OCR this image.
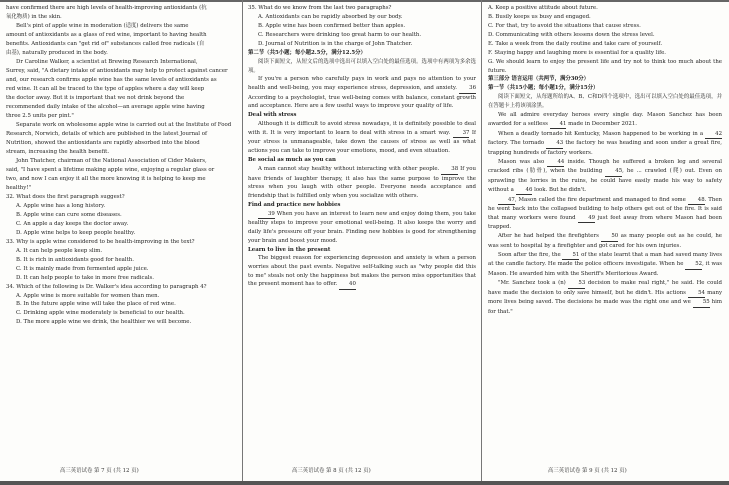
have confirmed there are high levels of health-improving antioxidants (抗

氧化物质) in the skin.

Bell's pint of apple wine in moderation (适度) delivers the same

amount of antioxidants as a glass of red wine, important to having health

benefits. Antioxidants can "get rid of" substances called free radicals (自

由基), naturally produced in the body.

Dr Caroline Walker, a scientist at Brewing Research International,

Surrey, said, "A dietary intake of antioxidants may help to protect against cancer

and, our research confirms apple wine has the same levels of antioxidants as

red wine. It can all be traced to the type of apples where a day will keep

the doctor away. But it is important that we not drink beyond the

recommended daily intake of the alcohol—an average apple wine having

three 2.5 units per pint."

Separate work on wholesome apple wine is carried out at the Institute of Food

Research, Norwich, details of which are published in the latest Journal of

Nutrition, showed the antioxidants are rapidly absorbed into the blood

stream, increasing the health benefit.

John Thatcher, chairman of the National Association of Cider Makers,

said, "I have spent a lifetime making apple wine, enjoying a regular glass or

two, and now I can enjoy it all the more knowing it is helping to keep me

healthy!"

32. What does the first paragraph suggest?

A. Apple wine has a long history.

B. Apple wine can cure some diseases.

C. An apple a day keeps the doctor away.

D. Apple wine helps to keep people healthy.

33. Why is apple wine considered to be health-improving in the text?

A. It can help people keep slim.

B. It is rich in antioxidants good for health.

C. It is mainly made from fermented apple juice.

D. It can help people to take in more free radicals.

34. Which of the following is Dr. Walker's idea according to paragraph 4?

A. Apple wine is more suitable for women than men.

B. In the future apple wine will take the place of red wine.

C. Drinking apple wine moderately is beneficial to our health.

D. The more apple wine we drink, the healthier we will become.

35. What do we know from the last two paragraphs?

A. Antioxidants can be rapidly absorbed by our body.

B. Apple wine has been confirmed better than apples.

C. Researchers were drinking too great harm to our health.

D. Journal of Nutrition is in the charge of John Thatcher.

第二节（共5小题；每小题2.5分，满分12.5分）

阅读下面短文，从短文后的选项中选出可以填入空白处的最佳选项。选项中有两项为多余选项。

If you're a person who carefully pays in work and pays no attention to your health and well-being, you may experience stress, depression, and anxiety. 36 According to a psychologist, true well-being comes with balance, constant growth and acceptance. Here are a few useful ways to improve your quality of life.

Deal with stress

Although it is difficult to avoid stress nowadays, it is definitely possible to deal with it. It is very important to learn to deal with stress in a smart way. 37 If your stress is unmanageable, take down the causes of stress as well as what actions you can take to improve your emotions, mood, and even situation.

Be social as much as you can

A man cannot stay healthy without interacting with other people. 38 If you have friends of laughter therapy, it also has the same purpose to improve the stress when you laugh with other people. Everyone needs acceptance and friendship that is fulfilled only when you socialize with others.

Find and practice new hobbies

39 When you have an interest to learn new and enjoy doing them, you take healthy steps to improve your emotional well-being. It also keeps the worry and daily life's pressure off your brain. Finding new hobbies is good for strengthening your brain and boost your mood.

Learn to live in the present

The biggest reason for experiencing depression and anxiety is when a person worries about the past events. Negative self-talking such as "why people did this to me" steals not only the happiness but makes the person miss opportunities that the present moment has to offer. 40

A. Keep a positive attitude about future.

B. Busily keeps us busy and engaged.

C. For that, try to avoid the situations that cause stress.

D. Communicating with others lessens down the stress level.

E. Take a week from the daily routine and take care of yourself.

F. Staying happy and laughing more is essential for a quality life.

G. We should learn to enjoy the present life and try not to think too much about the future.

第三部分 语言运用（共两节，满分30分）

第一节（共15小题；每小题1分，满分15分）

阅读下面短文，从每题所给的A、B、C和D四个选项中，选出可以填入空白处的最佳选项，并在答题卡上将该项涂黑。

We all admire everyday heroes every single day. Mason Sanchez has been awarded for a selfless 41 made in December 2021.

When a deadly tornado hit Kentucky, Mason happened to be working in a 42 factory. The tornado 43 the factory he was heading and soon under a great fire, trapping hundreds of factory workers.

Mason was also 44 inside. Though he suffered a broken leg and several cracked ribs (肋骨), when the building 45, he ... crawled (爬) out. Even on sprawling the lorries in the ruins, he could have easily made his way to safety without a 46 look. But he didn't.

47, Mason called the fire department and managed to find some 48. Then he went back into the collapsed building to help others get out of the fire. It is said that many workers were found 49 just feet away from where Mason had been trapped.

After he had helped the firefighters 50 as many people out as he could, he was sent to hospital by a firefighter and got cared for his own injuries.

Soon after the fire, the 51 of the state learnt that a man had saved many lives at the candle factory. He made the police officers investigate. When he 52, it was Mason. He awarded him with the Sheriff's Meritorious Award.

"Mr. Sanchez took a (n) 53 decision to make real right," he said. He could have made the decision to only save himself, but he didn't. His actions 54 many more lives being saved. The decisions he made was the right one and we 55 him for that."

高三英语试卷 第 7 页 (共 12 页)	高三英语试卷 第 8 页 (共 12 页)	高三英语试卷 第 9 页 (共 12 页)
